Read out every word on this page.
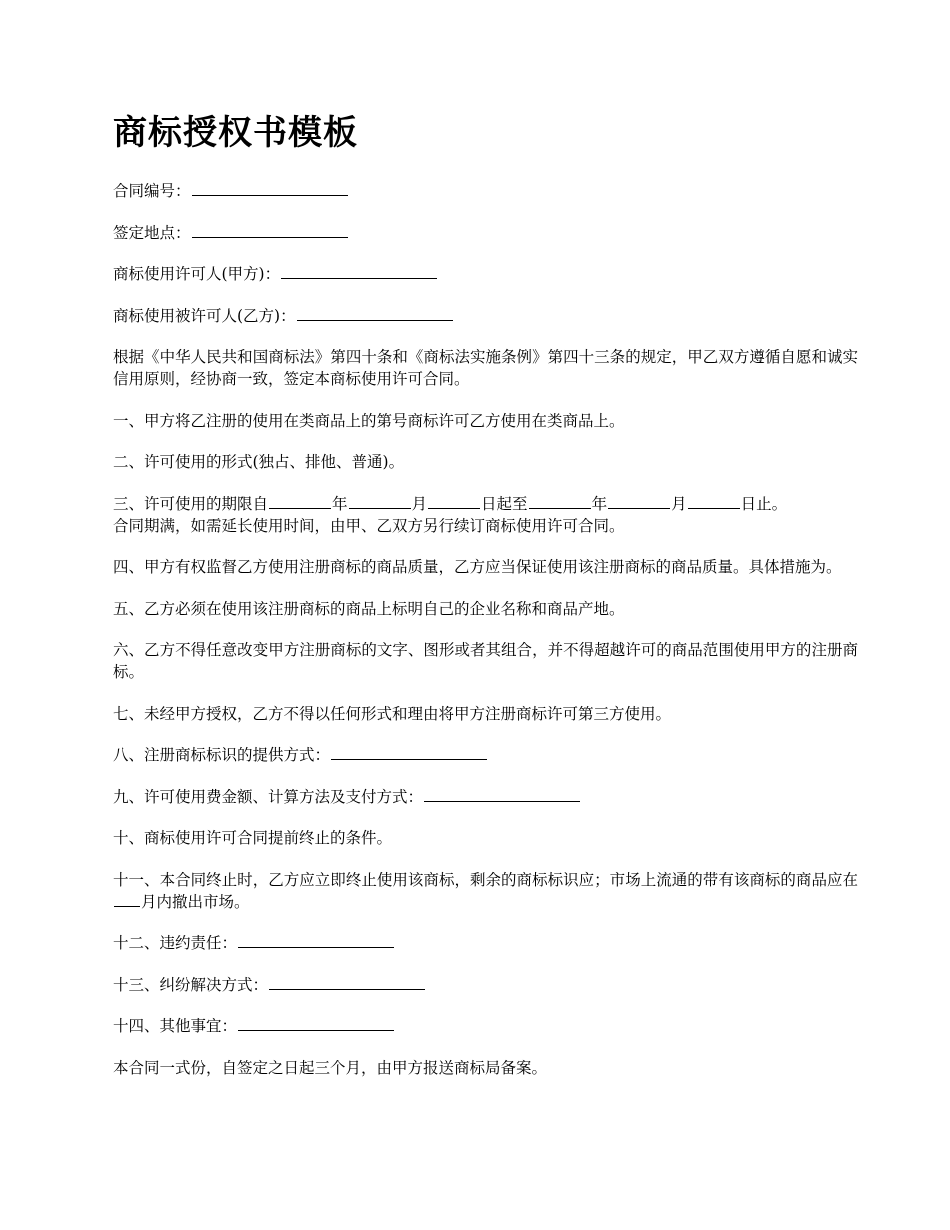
商标授权书模板

合同编号：

签定地点：

商标使用许可人(甲方)：

商标使用被许可人(乙方)：

根据《中华人民共和国商标法》第四十条和《商标法实施条例》第四十三条的规定，甲乙双方遵循自愿和诚实信用原则，经协商一致，签定本商标使用许可合同。

一、甲方将乙注册的使用在类商品上的第号商标许可乙方使用在类商品上。

二、许可使用的形式(独占、排他、普通)。

三、许可使用的期限自	年	月	日起至	年	月	日止。
合同期满，如需延长使用时间，由甲、乙双方另行续订商标使用许可合同。

四、甲方有权监督乙方使用注册商标的商品质量，乙方应当保证使用该注册商标的商品质量。具体措施为。

五、乙方必须在使用该注册商标的商品上标明自己的企业名称和商品产地。

六、乙方不得任意改变甲方注册商标的文字、图形或者其组合，并不得超越许可的商品范围使用甲方的注册商标。

七、未经甲方授权，乙方不得以任何形式和理由将甲方注册商标许可第三方使用。

八、注册商标标识的提供方式：

九、许可使用费金额、计算方法及支付方式：

十、商标使用许可合同提前终止的条件。

十一、本合同终止时，乙方应立即终止使用该商标，剩余的商标标识应；市场上流通的带有该商标的商品应在月内撤出市场。

十二、违约责任：

十三、纠纷解决方式：

十四、其他事宜：

本合同一式份，自签定之日起三个月，由甲方报送商标局备案。
